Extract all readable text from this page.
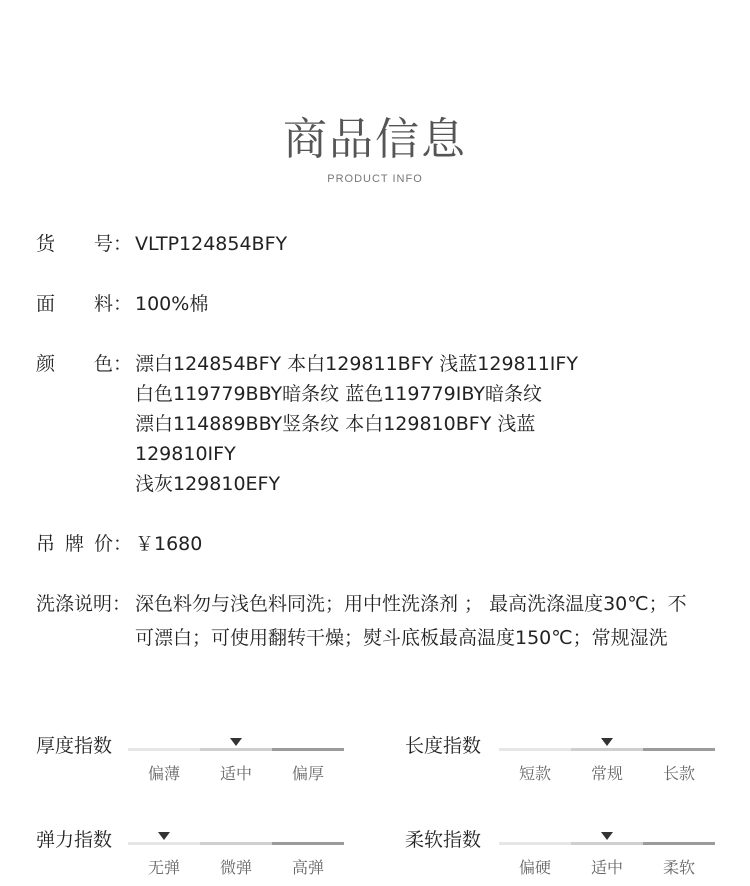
商品信息
PRODUCT INFO
货 号： VLTP124854BFY
面 料： 100%棉
颜 色： 漂白124854BFY 本白129811BFY 浅蓝129811IFY
白色119779BBY暗条纹 蓝色119779IBY暗条纹
漂白114889BBY竖条纹 本白129810BFY 浅蓝
129810IFY
浅灰129810EFY
吊 牌 价： ￥1680
洗涤说明： 深色料勿与浅色料同洗；用中性洗涤剂 ； 最高洗涤温度30℃；不
可漂白；可使用翻转干燥；熨斗底板最高温度150℃；常规湿洗
厚度指数
偏薄	适中	偏厚
长度指数
短款	常规	长款
弹力指数
无弹	微弹	高弹
柔软指数
偏硬	适中	柔软
